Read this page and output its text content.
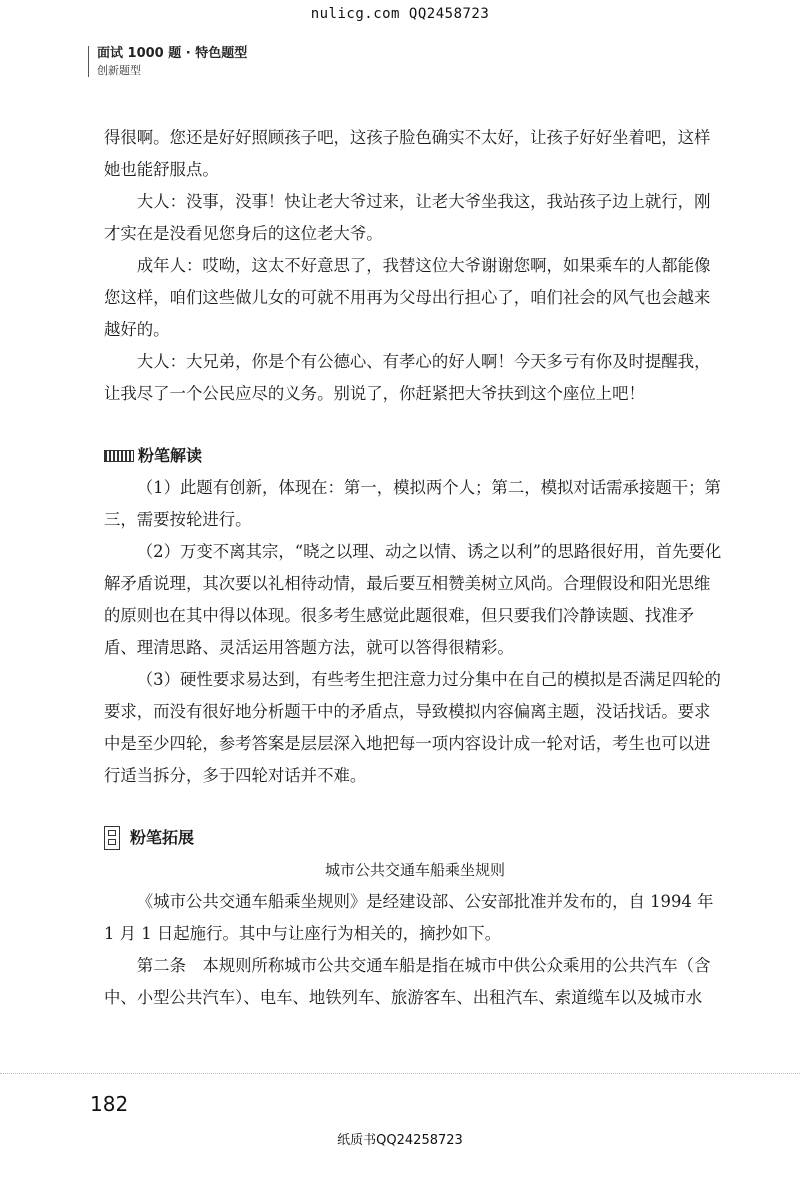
nulicg.com QQ2458723
面试 1000 题 · 特色题型
创新题型

得很啊。您还是好好照顾孩子吧，这孩子脸色确实不太好，让孩子好好坐着吧，这样她也能舒服点。

大人：没事，没事！快让老大爷过来，让老大爷坐我这，我站孩子边上就行，刚才实在是没看见您身后的这位老大爷。

成年人：哎呦，这太不好意思了，我替这位大爷谢谢您啊，如果乘车的人都能像您这样，咱们这些做儿女的可就不用再为父母出行担心了，咱们社会的风气也会越来越好的。

大人：大兄弟，你是个有公德心、有孝心的好人啊！今天多亏有你及时提醒我，让我尽了一个公民应尽的义务。别说了，你赶紧把大爷扶到这个座位上吧！

粉笔解读

（1）此题有创新，体现在：第一，模拟两个人；第二，模拟对话需承接题干；第三，需要按轮进行。

（2）万变不离其宗，“晓之以理、动之以情、诱之以利”的思路很好用，首先要化解矛盾说理，其次要以礼相待动情，最后要互相赞美树立风尚。合理假设和阳光思维的原则也在其中得以体现。很多考生感觉此题很难，但只要我们冷静读题、找准矛盾、理清思路、灵活运用答题方法，就可以答得很精彩。

（3）硬性要求易达到，有些考生把注意力过分集中在自己的模拟是否满足四轮的要求，而没有很好地分析题干中的矛盾点，导致模拟内容偏离主题，没话找话。要求中是至少四轮，参考答案是层层深入地把每一项内容设计成一轮对话，考生也可以进行适当拆分，多于四轮对话并不难。

粉笔拓展

城市公共交通车船乘坐规则

《城市公共交通车船乘坐规则》是经建设部、公安部批准并发布的，自 1994 年 1 月 1 日起施行。其中与让座行为相关的，摘抄如下。

第二条　本规则所称城市公共交通车船是指在城市中供公众乘用的公共汽车（含中、小型公共汽车）、电车、地铁列车、旅游客车、出租汽车、索道缆车以及城市水

182
纸质书QQ24258723
